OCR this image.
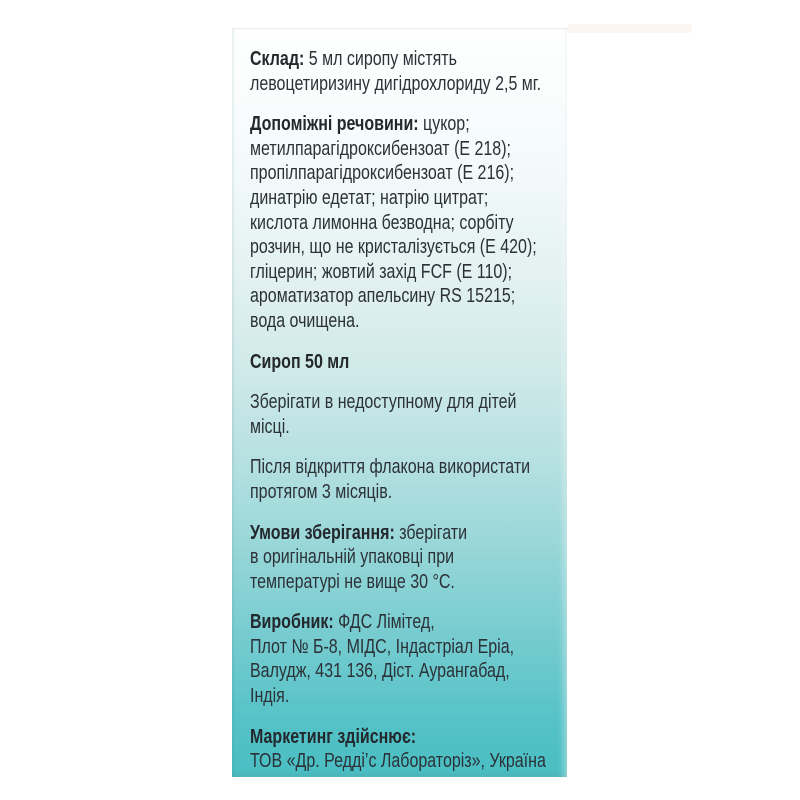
Склад: 5 мл сиропу містять
левоцетиризину дигідрохлориду 2,5 мг.
Допоміжні речовини: цукор;
метилпарагідроксибензоат (Е 218);
пропілпарагідроксибензоат (Е 216);
динатрію едетат; натрію цитрат;
кислота лимонна безводна; сорбіту
розчин, що не кристалізується (Е 420);
гліцерин; жовтий захід FCF (Е 110);
ароматизатор апельсину RS 15215;
вода очищена.
Сироп 50 мл
Зберігати в недоступному для дітей
місці.
Після відкриття флакона використати
протягом 3 місяців.
Умови зберігання: зберігати
в оригінальній упаковці при
температурі не вище 30 °С.
Виробник: ФДС Лімітед,
Плот № Б-8, МІДС, Індастріал Еріа,
Валудж, 431 136, Діст. Аурангабад,
Індія.
Маркетинг здійснює:
ТОВ «Др. Редді’с Лабораторіз», Україна
